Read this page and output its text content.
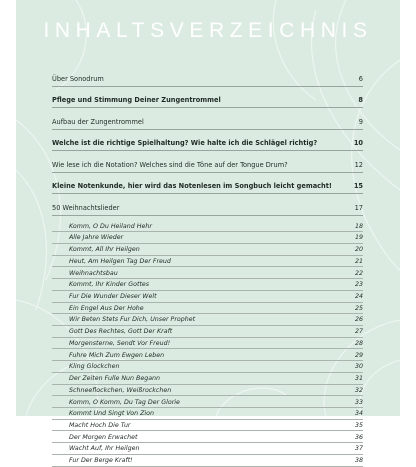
INHALTSVERZEICHNIS
Über Sonodrum	6
Pflege und Stimmung Deiner Zungentrommel	8
Aufbau der Zungentrommel	9
Welche ist die richtige Spielhaltung? Wie halte ich die Schlägel richtig?	10
Wie lese ich die Notation? Welches sind die Töne auf der Tongue Drum?	12
Kleine Notenkunde, hier wird das Notenlesen im Songbuch leicht gemacht!	15
50 Weihnachtslieder	17
Komm, O Du Heiland Hehr	18
Alle Jahre Wieder	19
Kommt, All Ihr Heilgen	20
Heut, Am Heilgen Tag Der Freud	21
Weihnachtsbau	22
Kommt, Ihr Kinder Gottes	23
Fur Die Wunder Dieser Welt	24
Ein Engel Aus Der Hohe	25
Wir Beten Stets Fur Dich, Unser Prophet	26
Gott Des Rechtes, Gott Der Kraft	27
Morgensterne, Sendt Vor Freud!	28
Fuhre Mich Zum Ewgen Leben	29
Kling Glockchen	30
Der Zeiten Fulle Nun Begann	31
Schneeflockchen, Weißrockchen	32
Komm, O Komm, Du Tag Der Glorie	33
Kommt Und Singt Von Zion	34
Macht Hoch Die Tur	35
Der Morgen Erwachet	36
Wacht Auf, Ihr Heilgen	37
Fur Der Berge Kraft!	38
